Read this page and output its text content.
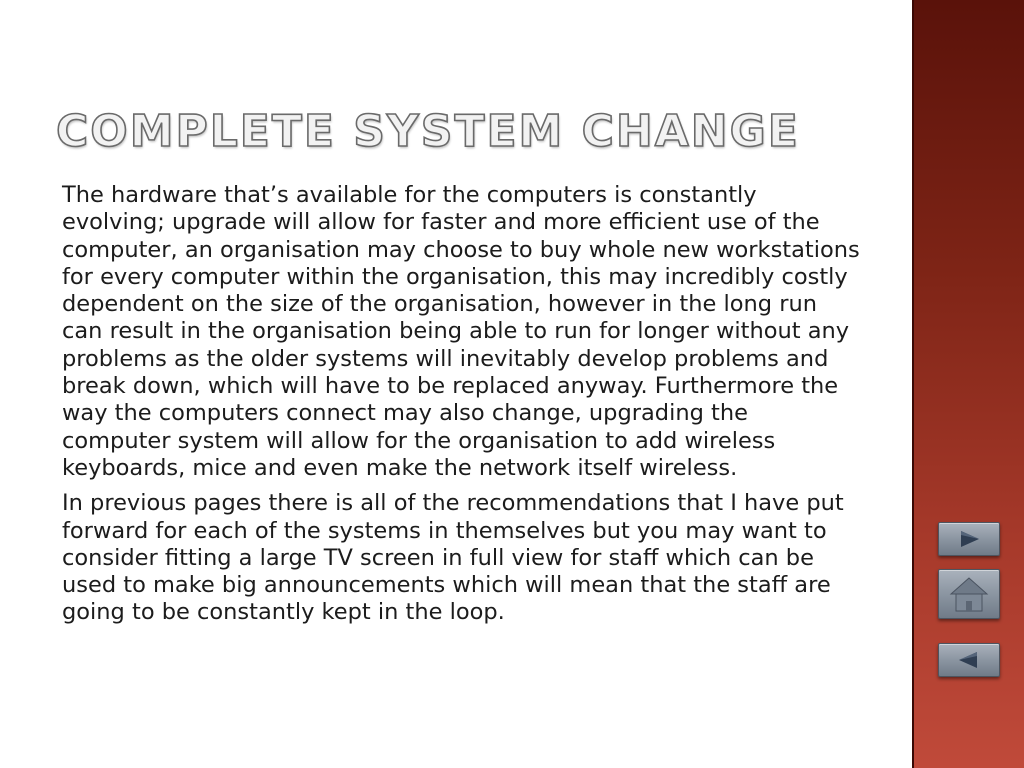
COMPLETE SYSTEM CHANGE

The hardware that’s available for the computers is constantly evolving; upgrade will allow for faster and more efficient use of the computer, an organisation may choose to buy whole new workstations for every computer within the organisation, this may incredibly costly dependent on the size of the organisation, however in the long run can result in the organisation being able to run for longer without any problems as the older systems will inevitably develop problems and break down, which will have to be replaced anyway. Furthermore the way the computers connect may also change, upgrading the computer system will allow for the organisation to add wireless keyboards, mice and even make the network itself wireless.

In previous pages there is all of the recommendations that I have put forward for each of the systems in themselves but you may want to consider fitting a large TV screen in full view for staff which can be used to make big announcements which will mean that the staff are going to be constantly kept in the loop.
